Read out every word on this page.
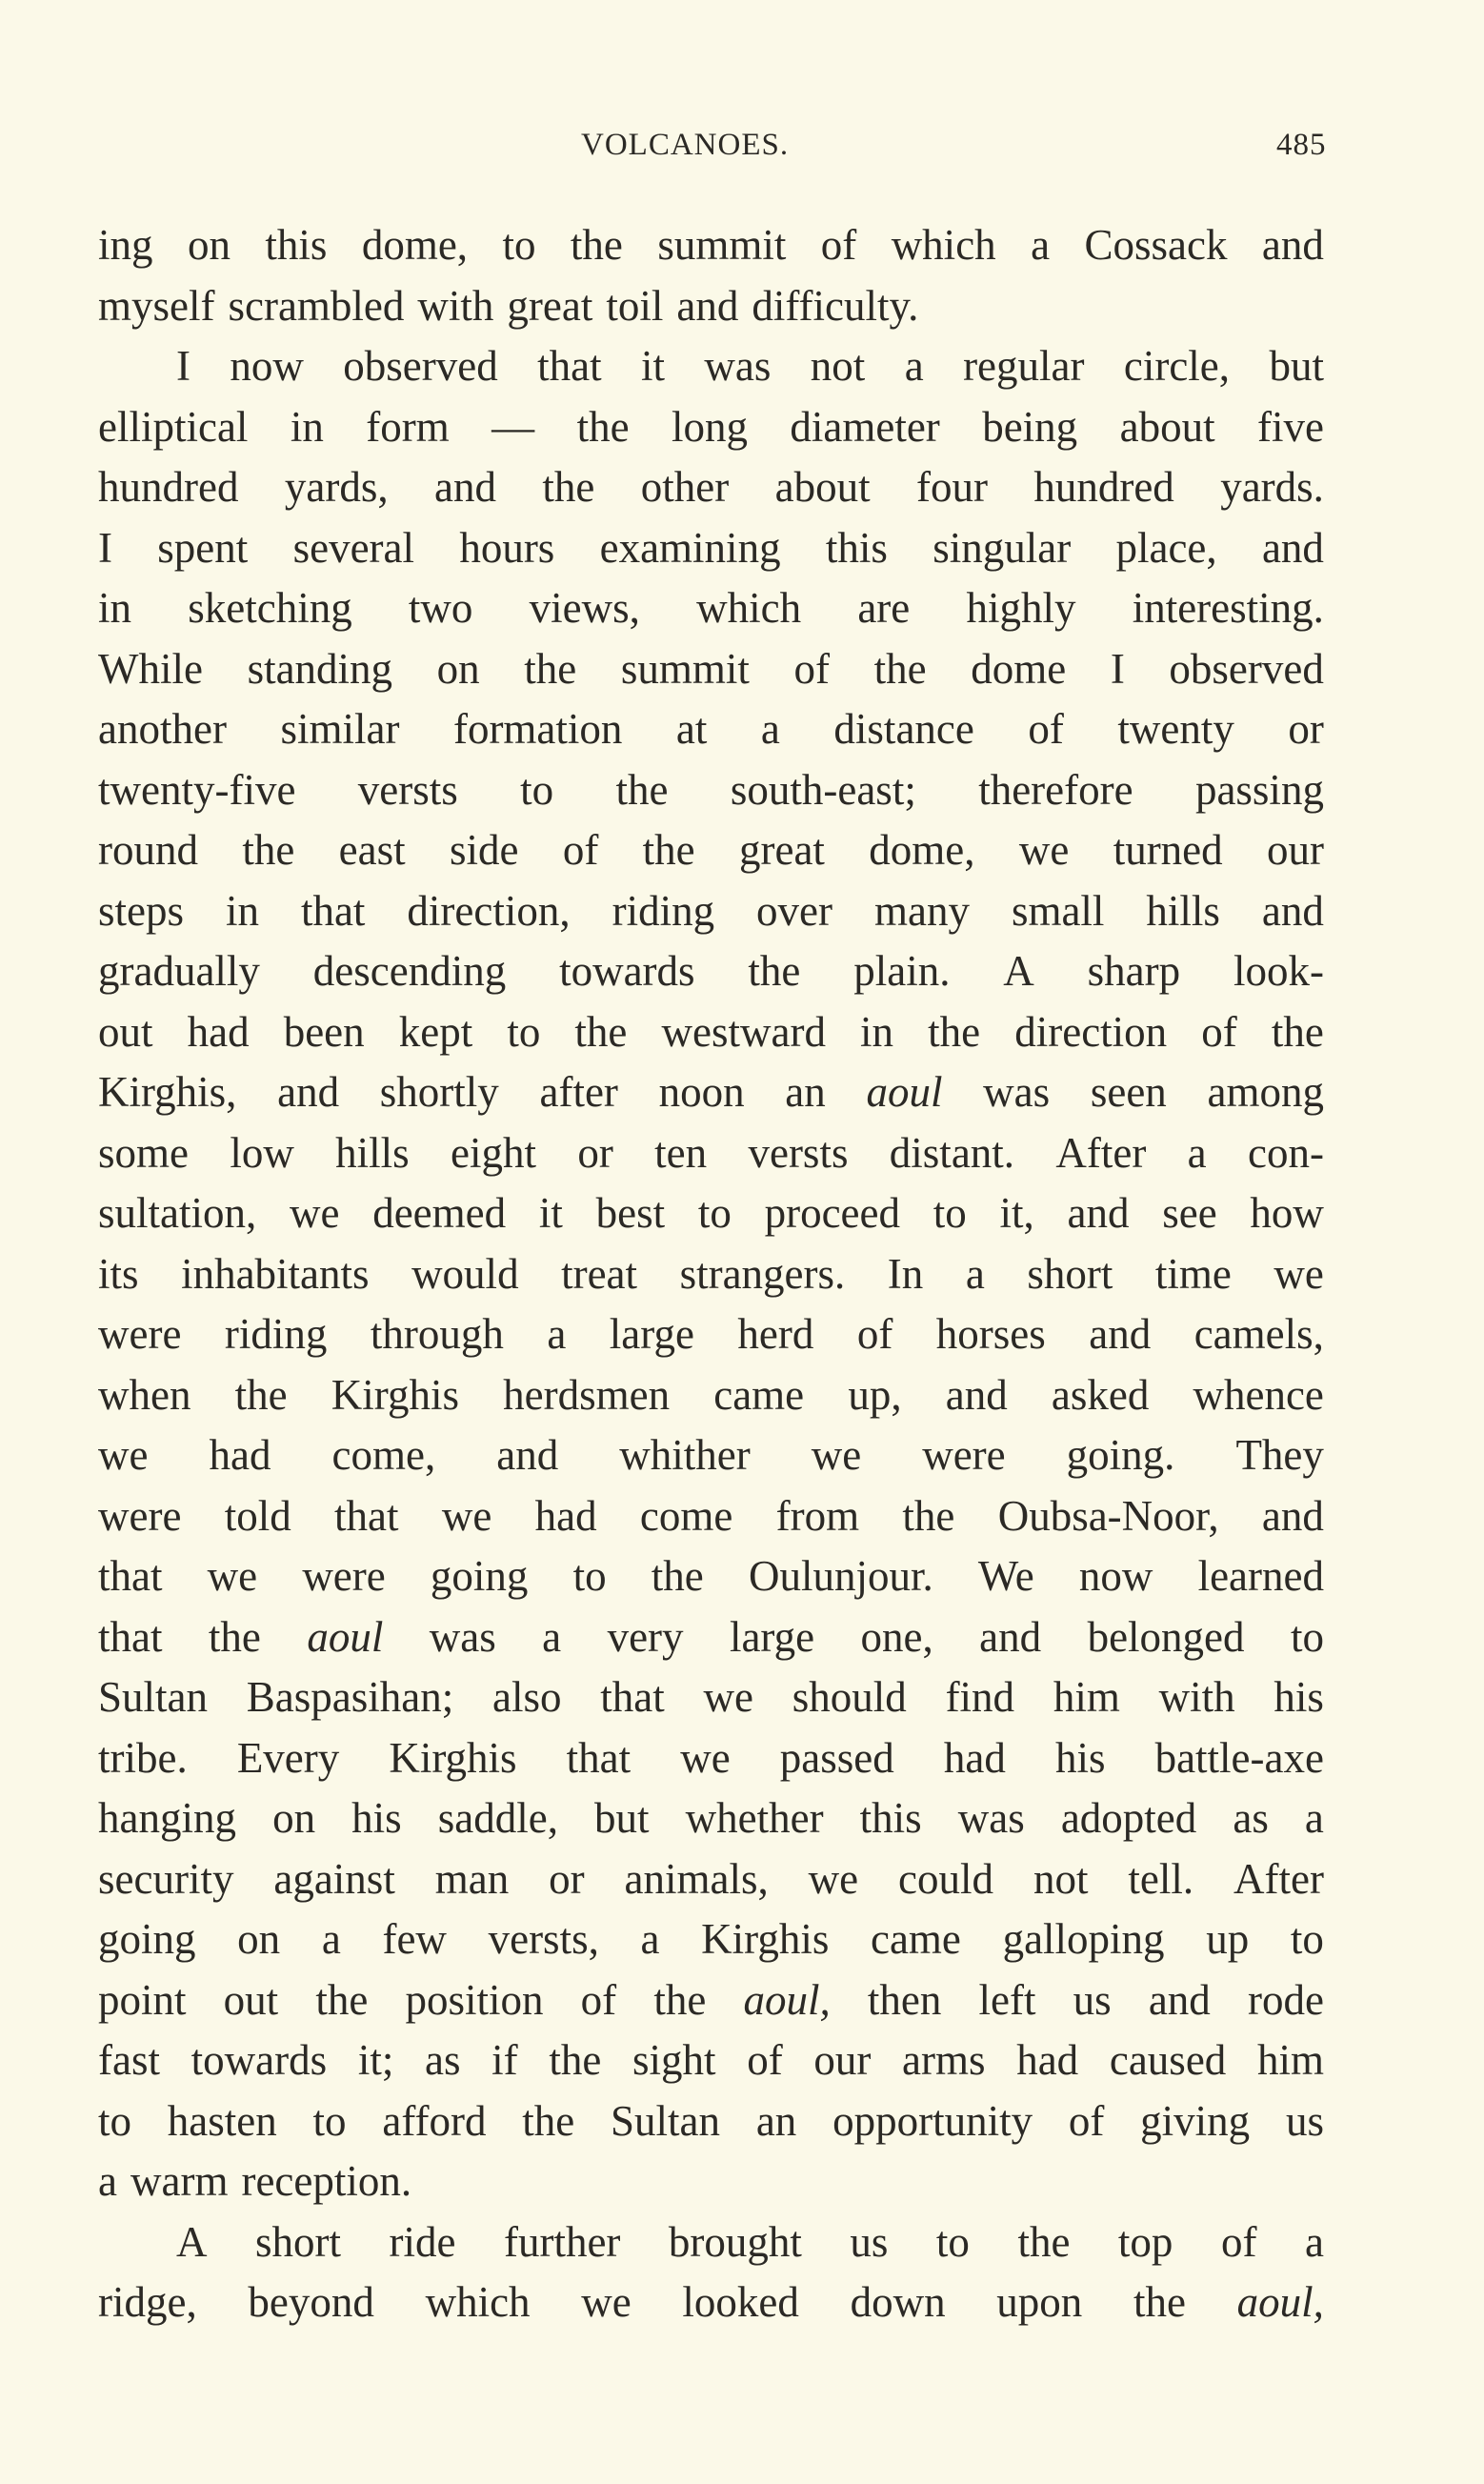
VOLCANOES.	485
ing on this dome, to the summit of which a Cossack and
myself scrambled with great toil and difficulty.
I now observed that it was not a regular circle, but
elliptical in form — the long diameter being about five
hundred yards, and the other about four hundred yards.
I spent several hours examining this singular place, and
in sketching two views, which are highly interesting.
While standing on the summit of the dome I observed
another similar formation at a distance of twenty or
twenty-five versts to the south-east; therefore passing
round the east side of the great dome, we turned our
steps in that direction, riding over many small hills and
gradually descending towards the plain. A sharp look-
out had been kept to the westward in the direction of the
Kirghis, and shortly after noon an aoul was seen among
some low hills eight or ten versts distant. After a con-
sultation, we deemed it best to proceed to it, and see how
its inhabitants would treat strangers. In a short time we
were riding through a large herd of horses and camels,
when the Kirghis herdsmen came up, and asked whence
we had come, and whither we were going. They
were told that we had come from the Oubsa-Noor, and
that we were going to the Oulunjour. We now learned
that the aoul was a very large one, and belonged to
Sultan Baspasihan; also that we should find him with his
tribe. Every Kirghis that we passed had his battle-axe
hanging on his saddle, but whether this was adopted as a
security against man or animals, we could not tell. After
going on a few versts, a Kirghis came galloping up to
point out the position of the aoul, then left us and rode
fast towards it; as if the sight of our arms had caused him
to hasten to afford the Sultan an opportunity of giving us
a warm reception.
A short ride further brought us to the top of a
ridge, beyond which we looked down upon the aoul,
